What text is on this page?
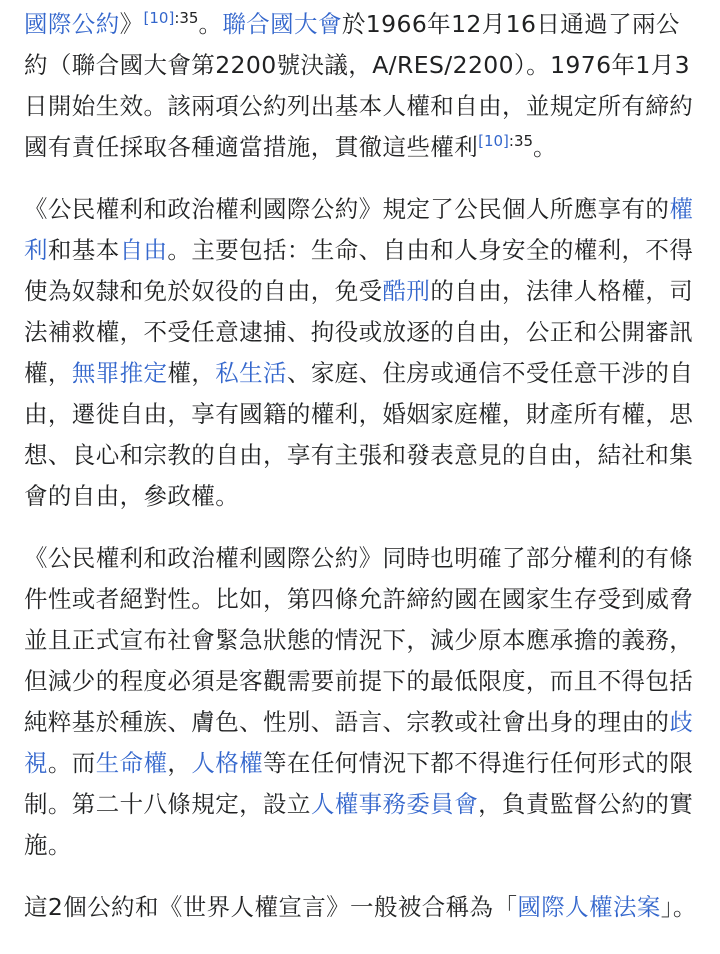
國際公約》$^{[10]:35}$。聯合國大會於1966年12月16日通過了兩公約（聯合國大會第2200號決議，A/RES/2200）。1976年1月3日開始生效。該兩項公約列出基本人權和自由，並規定所有締約國有責任採取各種適當措施，貫徹這些權利$^{[10]:35}$。

《公民權利和政治權利國際公約》規定了公民個人所應享有的權利和基本自由。主要包括：生命、自由和人身安全的權利，不得使為奴隸和免於奴役的自由，免受酷刑的自由，法律人格權，司法補救權，不受任意逮捕、拘役或放逐的自由，公正和公開審訊權，無罪推定權，私生活、家庭、住房或通信不受任意干涉的自由，遷徙自由，享有國籍的權利，婚姻家庭權，財產所有權，思想、良心和宗教的自由，享有主張和發表意見的自由，結社和集會的自由，參政權。

《公民權利和政治權利國際公約》同時也明確了部分權利的有條件性或者絕對性。比如，第四條允許締約國在國家生存受到威脅並且正式宣布社會緊急狀態的情況下，減少原本應承擔的義務，但減少的程度必須是客觀需要前提下的最低限度，而且不得包括純粹基於種族、膚色、性別、語言、宗教或社會出身的理由的歧視。而生命權，人格權等在任何情況下都不得進行任何形式的限制。第二十八條規定，設立人權事務委員會，負責監督公約的實施。

這2個公約和《世界人權宣言》一般被合稱為「國際人權法案」。
